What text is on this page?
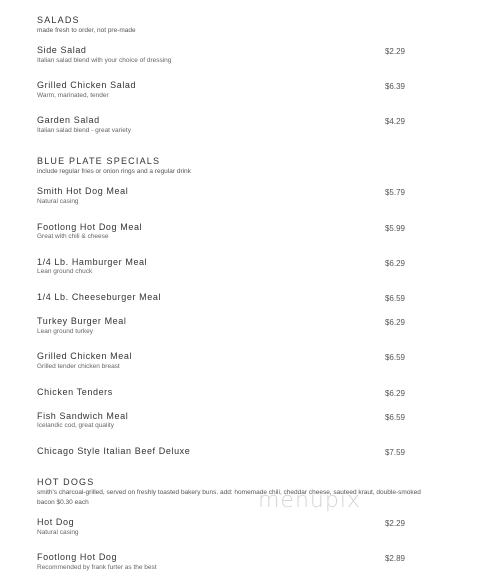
SALADS
made fresh to order, not pre-made
Side Salad
Italian salad blend with your choice of dressing
$2.29
Grilled Chicken Salad
Warm, marinated, tender
$6.39
Garden Salad
Italian salad blend - great variety
$4.29
BLUE PLATE SPECIALS
include regular fries or onion rings and a regular drink
Smith Hot Dog Meal
Natural casing
$5.79
Footlong Hot Dog Meal
Great with chili & cheese
$5.99
1/4 Lb. Hamburger Meal
Lean ground chuck
$6.29
1/4 Lb. Cheeseburger Meal	$6.59
Turkey Burger Meal
Lean ground turkey
$6.29
Grilled Chicken Meal
Grilled tender chicken breast
$6.59
Chicken Tenders	$6.29
Fish Sandwich Meal
Icelandic cod, great quality
$6.59
Chicago Style Italian Beef Deluxe	$7.59
HOT DOGS
smith's charcoal-grilled, served on freshly toasted bakery buns. add: homemade chili, cheddar cheese, sauteed kraut, double-smoked bacon $0.30 each
Hot Dog
Natural casing
$2.29
Footlong Hot Dog
Recommended by frank furter as the best
$2.89
menupix
